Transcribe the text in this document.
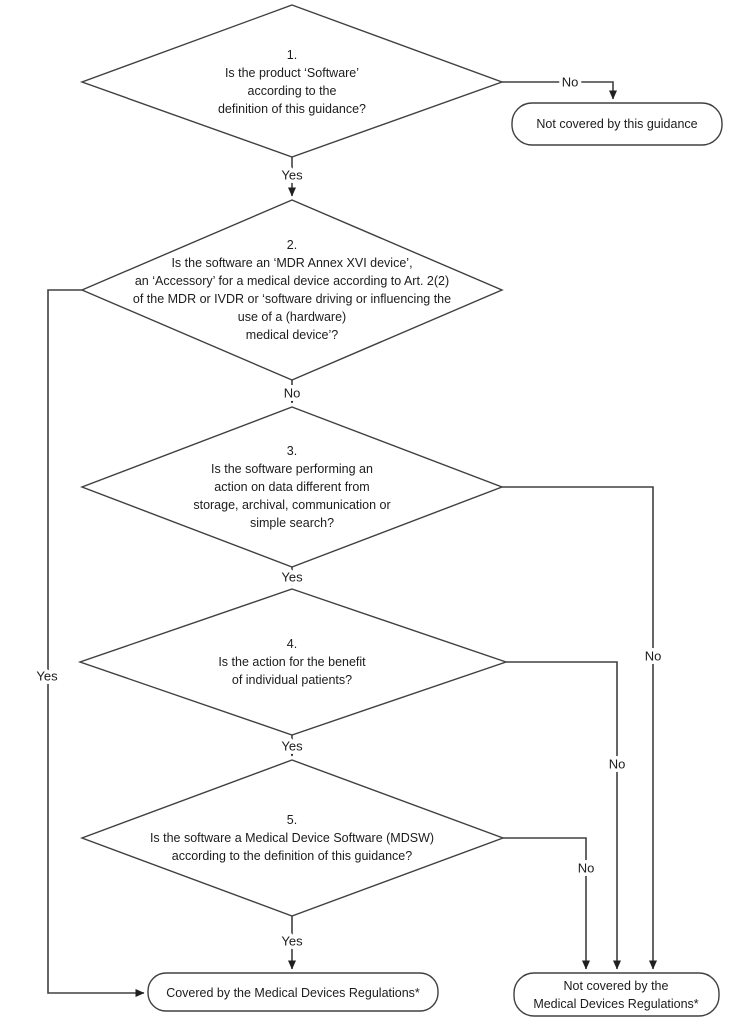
1.
Is the product ‘Software’
according to the
definition of this guidance?
2.
Is the software an ‘MDR Annex XVI device’,
an ‘Accessory’ for a medical device according to Art. 2(2)
of the MDR or IVDR or ‘software driving or influencing the
use of a (hardware)
medical device’?
3.
Is the software performing an
action on data different from
storage, archival, communication or
simple search?
4.
Is the action for the benefit
of individual patients?
5.
Is the software a Medical Device Software (MDSW)
according to the definition of this guidance?
Not covered by this guidance
Covered by the Medical Devices Regulations*	Not covered by the
Medical Devices Regulations*
No
Yes
No
Yes
Yes
No
Yes
No
No
Yes
